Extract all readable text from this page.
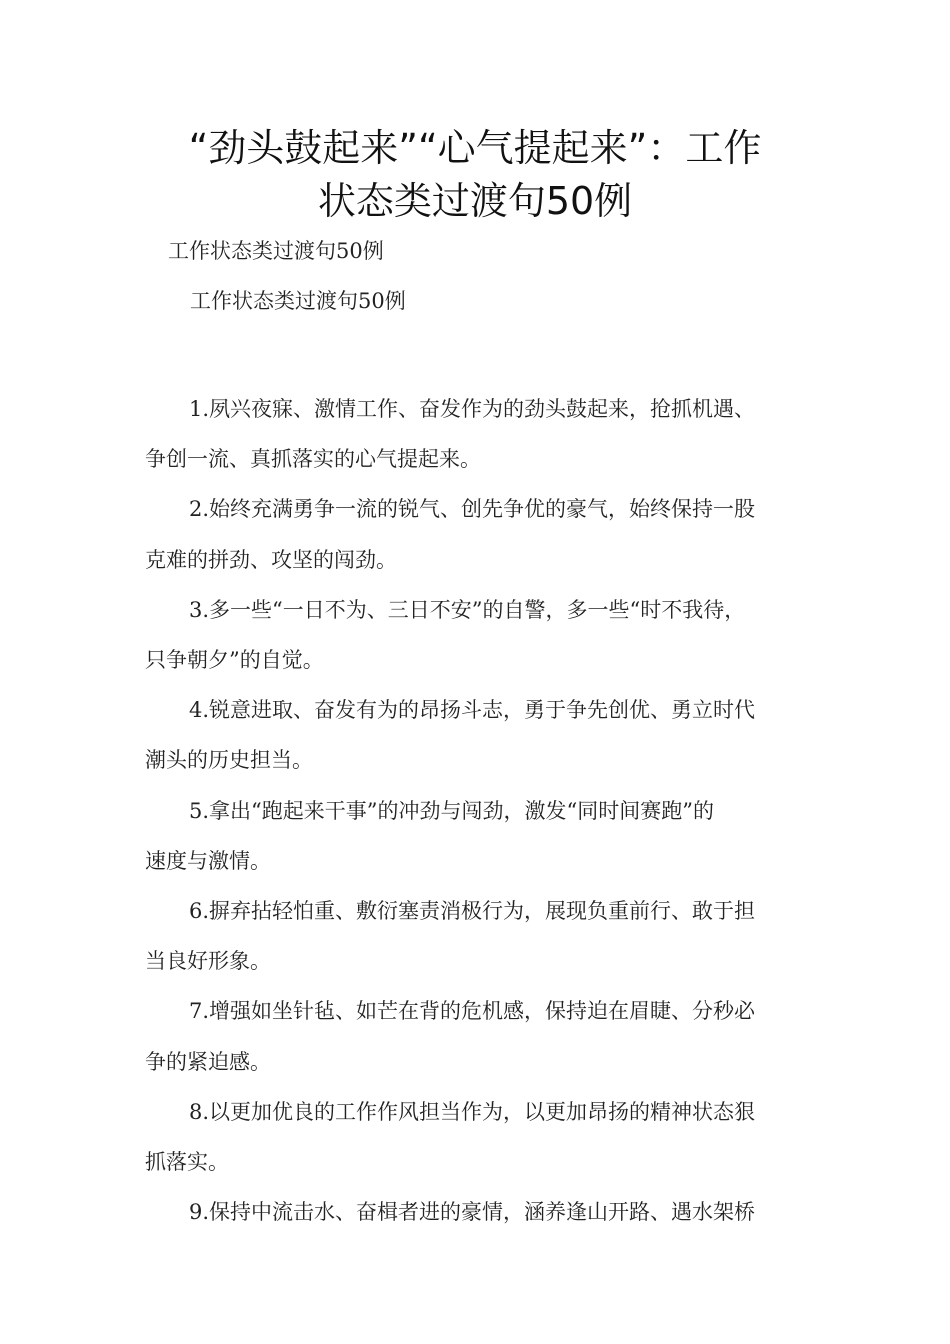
“劲头鼓起来”“心气提起来”：工作
状态类过渡句50例
工作状态类过渡句50例
工作状态类过渡句50例
1.夙兴夜寐、激情工作、奋发作为的劲头鼓起来，抢抓机遇、
争创一流、真抓落实的心气提起来。
2.始终充满勇争一流的锐气、创先争优的豪气，始终保持一股
克难的拼劲、攻坚的闯劲。
3.多一些“一日不为、三日不安”的自警，多一些“时不我待，
只争朝夕”的自觉。
4.锐意进取、奋发有为的昂扬斗志，勇于争先创优、勇立时代
潮头的历史担当。
5.拿出“跑起来干事”的冲劲与闯劲，激发“同时间赛跑”的
速度与激情。
6.摒弃拈轻怕重、敷衍塞责消极行为，展现负重前行、敢于担
当良好形象。
7.增强如坐针毡、如芒在背的危机感，保持迫在眉睫、分秒必
争的紧迫感。
8.以更加优良的工作作风担当作为，以更加昂扬的精神状态狠
抓落实。
9.保持中流击水、奋楫者进的豪情，涵养逢山开路、遇水架桥
